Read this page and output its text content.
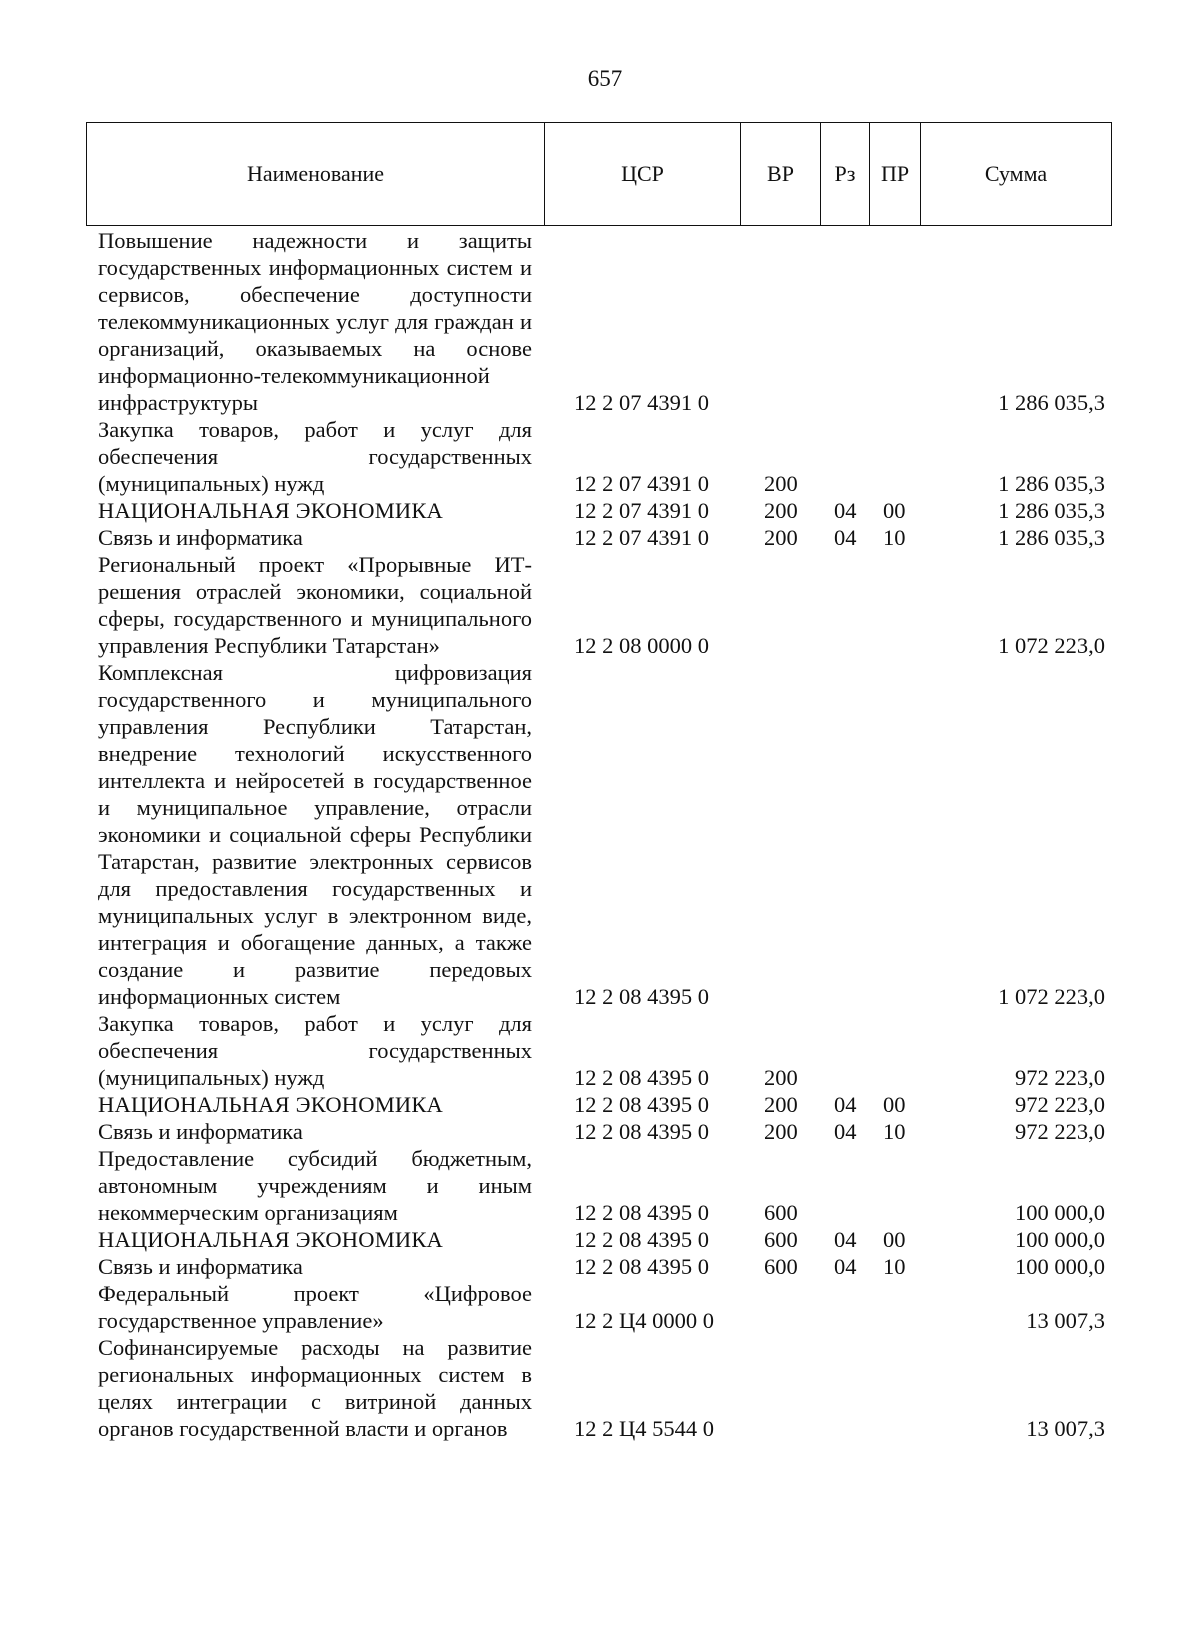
657
Наименование	ЦСР	ВР	Рз	ПР	Сумма
Повышение надежности и защиты государственных информационных систем и сервисов, обеспечение доступности телекоммуникационных услуг для граждан и организаций, оказываемых на основе информационно-телекоммуникационной инфраструктуры	12 2 07 4391 0				1 286 035,3
Закупка товаров, работ и услуг для обеспечения государственных (муниципальных) нужд	12 2 07 4391 0	200			1 286 035,3
НАЦИОНАЛЬНАЯ ЭКОНОМИКА	12 2 07 4391 0	200	04	00	1 286 035,3
Связь и информатика	12 2 07 4391 0	200	04	10	1 286 035,3
Региональный проект «Прорывные ИТ-решения отраслей экономики, социальной сферы, государственного и муниципального управления Республики Татарстан»	12 2 08 0000 0				1 072 223,0
Комплексная цифровизация государственного и муниципального управления Республики Татарстан, внедрение технологий искусственного интеллекта и нейросетей в государственное и муниципальное управление, отрасли экономики и социальной сферы Республики Татарстан, развитие электронных сервисов для предоставления государственных и муниципальных услуг в электронном виде, интеграция и обогащение данных, а также создание и развитие передовых информационных систем	12 2 08 4395 0				1 072 223,0
Закупка товаров, работ и услуг для обеспечения государственных (муниципальных) нужд	12 2 08 4395 0	200			972 223,0
НАЦИОНАЛЬНАЯ ЭКОНОМИКА	12 2 08 4395 0	200	04	00	972 223,0
Связь и информатика	12 2 08 4395 0	200	04	10	972 223,0
Предоставление субсидий бюджетным, автономным учреждениям и иным некоммерческим организациям	12 2 08 4395 0	600			100 000,0
НАЦИОНАЛЬНАЯ ЭКОНОМИКА	12 2 08 4395 0	600	04	00	100 000,0
Связь и информатика	12 2 08 4395 0	600	04	10	100 000,0
Федеральный проект «Цифровое государственное управление»	12 2 Ц4 0000 0				13 007,3
Софинансируемые расходы на развитие региональных информационных систем в целях интеграции с витриной данных органов государственной власти и органов	12 2 Ц4 5544 0				13 007,3
